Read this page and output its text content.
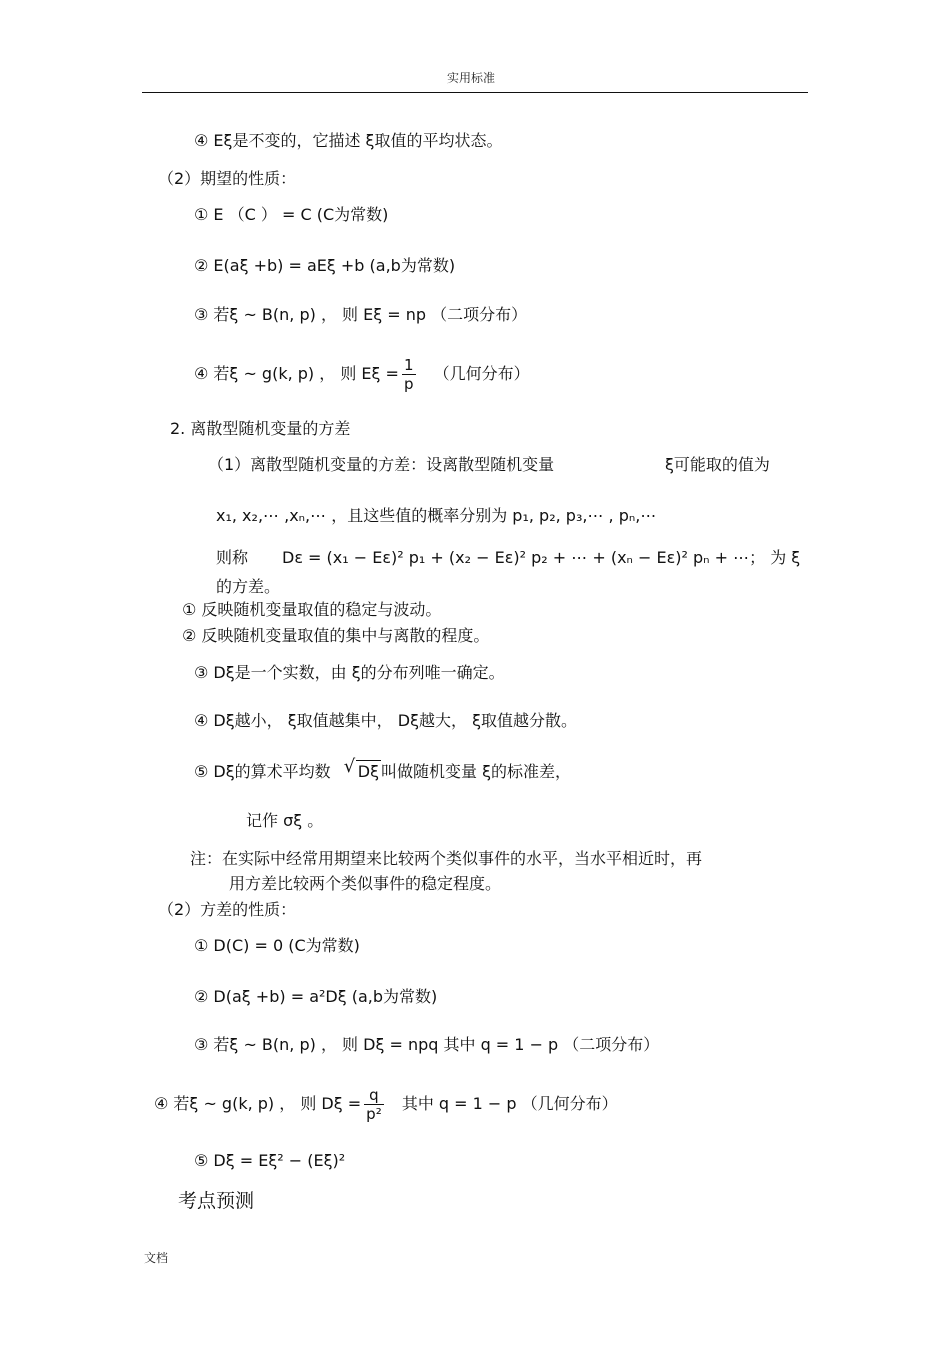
实用标准
④ Eξ是不变的，它描述 ξ取值的平均状态。
（2）期望的性质：
① E （C ） = C (C为常数)
② E(aξ +b) = aEξ +b (a,b为常数)
③ 若ξ ~ B(n, p) ， 则 Eξ = np （二项分布）
④ 若ξ ~ g(k, p) ， 则 $E\xi = \frac{1}{p}$ （几何分布）
2. 离散型随机变量的方差
（1）离散型随机变量的方差：设离散型随机变量	ξ可能取的值为
x₁, x₂,⋯ ,xₙ,⋯ ，且这些值的概率分别为 p₁, p₂, p₃,⋯ , pₙ,⋯
则称 Dε = (x₁ − Eε)² p₁ + (x₂ − Eε)² p₂ + ⋯ + (xₙ − Eε)² pₙ + ⋯； 为 ξ
的方差。
① 反映随机变量取值的稳定与波动。
② 反映随机变量取值的集中与离散的程度。
③ Dξ是一个实数，由 ξ的分布列唯一确定。
④ Dξ越小， ξ取值越集中， Dξ越大， ξ取值越分散。
⑤ Dξ的算术平均数 √ Dξ 叫做随机变量 ξ的标准差，
记作 σξ 。
注：在实际中经常用期望来比较两个类似事件的水平，当水平相近时，再
用方差比较两个类似事件的稳定程度。
（2）方差的性质：
① D(C) = 0 (C为常数)
② D(aξ +b) = a²Dξ (a,b为常数)
③ 若ξ ~ B(n, p) ， 则 Dξ = npq 其中 q = 1 − p （二项分布）
④ 若ξ ~ g(k, p) ， 则 $D\xi = \frac{q}{\text{p²}}$ 其中 q = 1 − p （几何分布）
⑤ Dξ = Eξ² − (Eξ)²
考点预测
文档
